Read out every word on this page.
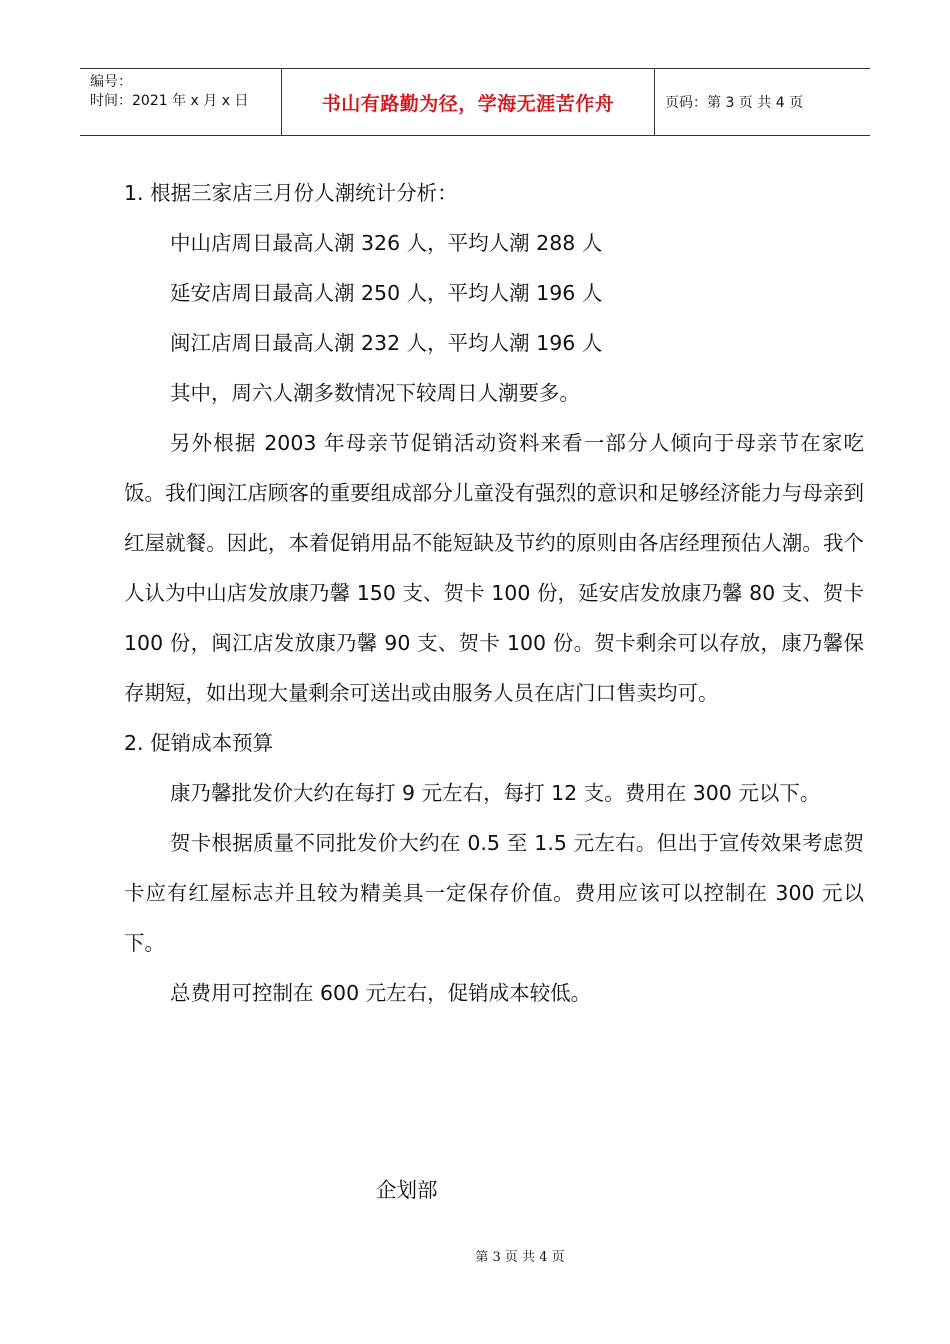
编号：
时间：2021 年 x 月 x 日	书山有路勤为径，学海无涯苦作舟	页码：第 3 页 共 4 页

1. 根据三家店三月份人潮统计分析：

中山店周日最高人潮 326 人，平均人潮 288 人

延安店周日最高人潮 250 人，平均人潮 196 人

闽江店周日最高人潮 232 人，平均人潮 196 人

其中，周六人潮多数情况下较周日人潮要多。

另外根据 2003 年母亲节促销活动资料来看一部分人倾向于母亲节在家吃饭。我们闽江店顾客的重要组成部分儿童没有强烈的意识和足够经济能力与母亲到红屋就餐。因此，本着促销用品不能短缺及节约的原则由各店经理预估人潮。我个人认为中山店发放康乃馨 150 支、贺卡 100 份，延安店发放康乃馨 80 支、贺卡 100 份，闽江店发放康乃馨 90 支、贺卡 100 份。贺卡剩余可以存放，康乃馨保存期短，如出现大量剩余可送出或由服务人员在店门口售卖均可。

2. 促销成本预算

康乃馨批发价大约在每打 9 元左右，每打 12 支。费用在 300 元以下。

贺卡根据质量不同批发价大约在 0.5 至 1.5 元左右。但出于宣传效果考虑贺卡应有红屋标志并且较为精美具一定保存价值。费用应该可以控制在 300 元以下。

总费用可控制在 600 元左右，促销成本较低。

企划部
第 3 页 共 4 页
